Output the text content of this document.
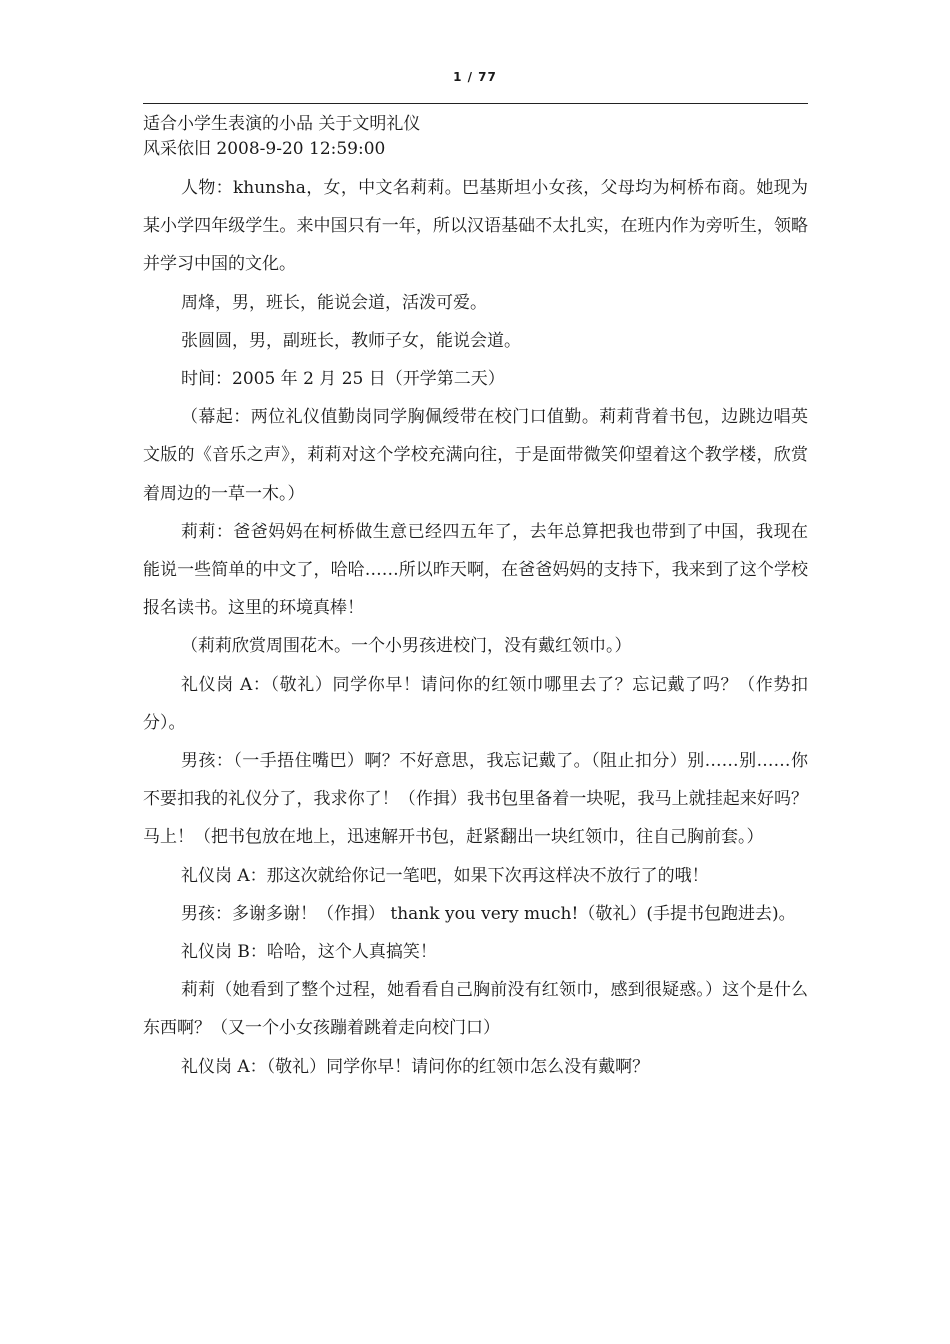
1 / 77
适合小学生表演的小品 关于文明礼仪
风采依旧 2008-9-20 12:59:00

人物：khunsha，女，中文名莉莉。巴基斯坦小女孩，父母均为柯桥布商。她现为某小学四年级学生。来中国只有一年，所以汉语基础不太扎实，在班内作为旁听生，领略并学习中国的文化。

周烽，男，班长，能说会道，活泼可爱。

张圆圆，男，副班长，教师子女，能说会道。

时间：2005 年 2 月 25 日（开学第二天）

（幕起：两位礼仪值勤岗同学胸佩绶带在校门口值勤。莉莉背着书包，边跳边唱英文版的《音乐之声》，莉莉对这个学校充满向往，于是面带微笑仰望着这个教学楼，欣赏着周边的一草一木。）

莉莉：爸爸妈妈在柯桥做生意已经四五年了，去年总算把我也带到了中国，我现在能说一些简单的中文了，哈哈……所以昨天啊，在爸爸妈妈的支持下，我来到了这个学校报名读书。这里的环境真棒！

（莉莉欣赏周围花木。一个小男孩进校门，没有戴红领巾。）

礼仪岗 A：（敬礼）同学你早！请问你的红领巾哪里去了？忘记戴了吗？（作势扣分）。

男孩：（一手捂住嘴巴）啊？不好意思，我忘记戴了。（阻止扣分）别……别……你不要扣我的礼仪分了，我求你了！（作揖）我书包里备着一块呢，我马上就挂起来好吗？马上！（把书包放在地上，迅速解开书包，赶紧翻出一块红领巾，往自己胸前套。）

礼仪岗 A：那这次就给你记一笔吧，如果下次再这样决不放行了的哦！

男孩：多谢多谢！（作揖） thank you very much!（敬礼）(手提书包跑进去)。

礼仪岗 B：哈哈，这个人真搞笑！

莉莉（她看到了整个过程，她看看自己胸前没有红领巾，感到很疑惑。）这个是什么东西啊？（又一个小女孩蹦着跳着走向校门口）

礼仪岗 A：（敬礼）同学你早！请问你的红领巾怎么没有戴啊？
